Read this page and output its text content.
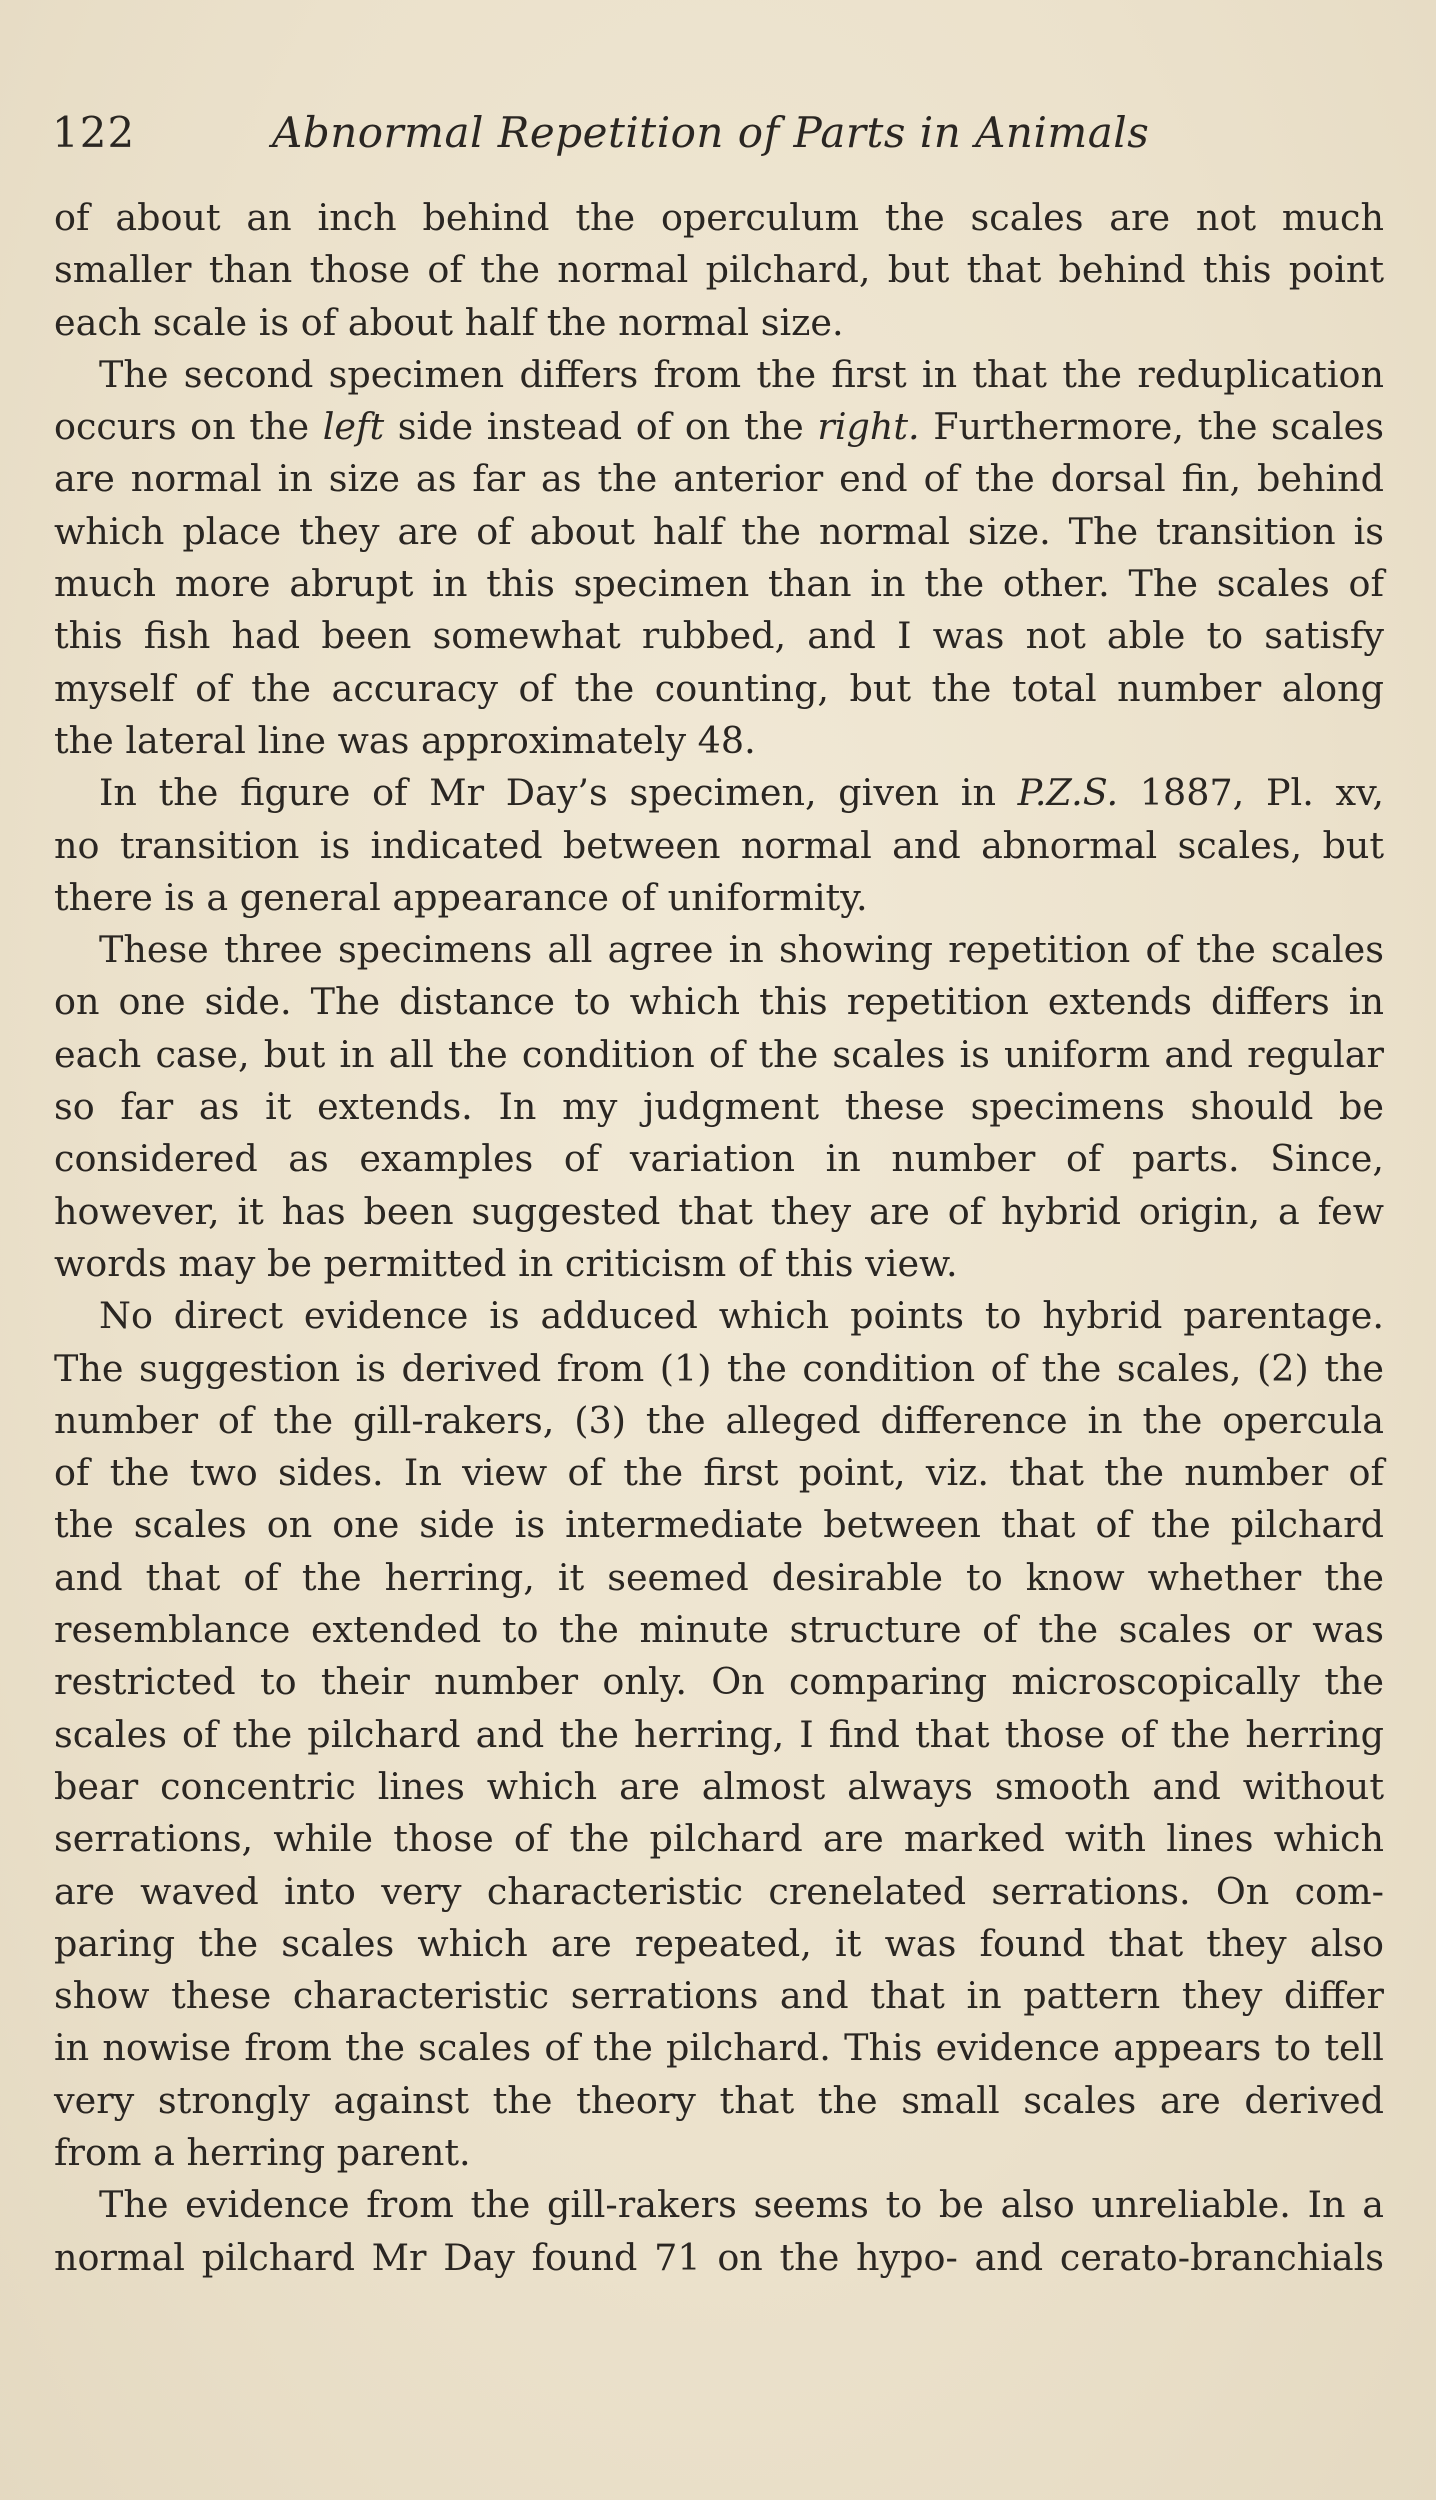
122	Abnormal Repetition of Parts in Animals
of about an inch behind the operculum the scales are not much
smaller than those of the normal pilchard, but that behind this point
each scale is of about half the normal size.
The second specimen differs from the first in that the reduplication
occurs on the left side instead of on the right. Furthermore, the scales
are normal in size as far as the anterior end of the dorsal fin, behind
which place they are of about half the normal size. The transition is
much more abrupt in this specimen than in the other. The scales of
this fish had been somewhat rubbed, and I was not able to satisfy
myself of the accuracy of the counting, but the total number along
the lateral line was approximately 48.
In the figure of Mr Day’s specimen, given in P.Z.S. 1887, Pl. xv,
no transition is indicated between normal and abnormal scales, but
there is a general appearance of uniformity.
These three specimens all agree in showing repetition of the scales
on one side. The distance to which this repetition extends differs in
each case, but in all the condition of the scales is uniform and regular
so far as it extends. In my judgment these specimens should be
considered as examples of variation in number of parts. Since,
however, it has been suggested that they are of hybrid origin, a few
words may be permitted in criticism of this view.
No direct evidence is adduced which points to hybrid parentage.
The suggestion is derived from (1) the condition of the scales, (2) the
number of the gill-rakers, (3) the alleged difference in the opercula
of the two sides. In view of the first point, viz. that the number of
the scales on one side is intermediate between that of the pilchard
and that of the herring, it seemed desirable to know whether the
resemblance extended to the minute structure of the scales or was
restricted to their number only. On comparing microscopically the
scales of the pilchard and the herring, I find that those of the herring
bear concentric lines which are almost always smooth and without
serrations, while those of the pilchard are marked with lines which
are waved into very characteristic crenelated serrations. On com-
paring the scales which are repeated, it was found that they also
show these characteristic serrations and that in pattern they differ
in nowise from the scales of the pilchard. This evidence appears to tell
very strongly against the theory that the small scales are derived
from a herring parent.
The evidence from the gill-rakers seems to be also unreliable. In a
normal pilchard Mr Day found 71 on the hypo- and cerato-branchials
